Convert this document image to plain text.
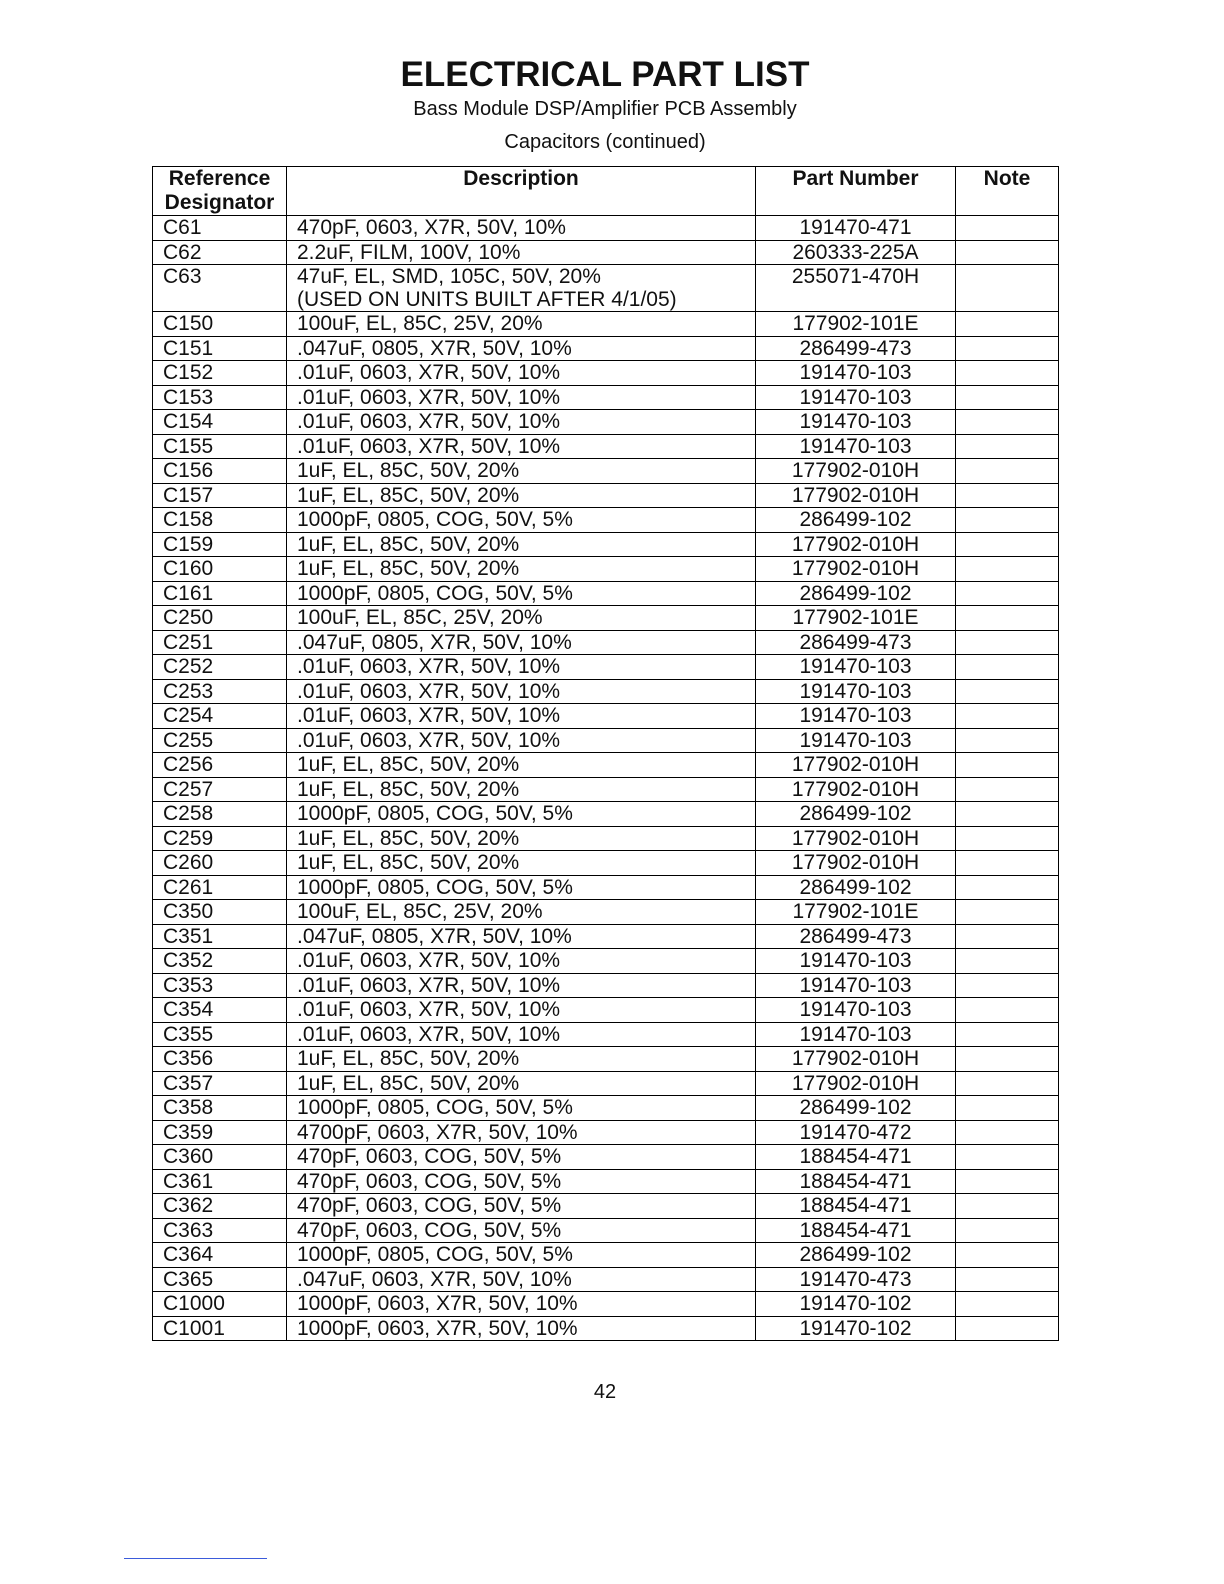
ELECTRICAL PART LIST

Bass Module DSP/Amplifier PCB Assembly

Capacitors (continued)

Reference
Designator	Description	Part Number	Note
C61	470pF, 0603, X7R, 50V, 10%	191470-471	
C62	2.2uF, FILM, 100V, 10%	260333-225A	
C63	47uF, EL, SMD, 105C, 50V, 20%
(USED ON UNITS BUILT AFTER 4/1/05)	255071-470H	
C150	100uF, EL, 85C, 25V, 20%	177902-101E	
C151	.047uF, 0805, X7R, 50V, 10%	286499-473	
C152	.01uF, 0603, X7R, 50V, 10%	191470-103	
C153	.01uF, 0603, X7R, 50V, 10%	191470-103	
C154	.01uF, 0603, X7R, 50V, 10%	191470-103	
C155	.01uF, 0603, X7R, 50V, 10%	191470-103	
C156	1uF, EL, 85C, 50V, 20%	177902-010H	
C157	1uF, EL, 85C, 50V, 20%	177902-010H	
C158	1000pF, 0805, COG, 50V, 5%	286499-102	
C159	1uF, EL, 85C, 50V, 20%	177902-010H	
C160	1uF, EL, 85C, 50V, 20%	177902-010H	
C161	1000pF, 0805, COG, 50V, 5%	286499-102	
C250	100uF, EL, 85C, 25V, 20%	177902-101E	
C251	.047uF, 0805, X7R, 50V, 10%	286499-473	
C252	.01uF, 0603, X7R, 50V, 10%	191470-103	
C253	.01uF, 0603, X7R, 50V, 10%	191470-103	
C254	.01uF, 0603, X7R, 50V, 10%	191470-103	
C255	.01uF, 0603, X7R, 50V, 10%	191470-103	
C256	1uF, EL, 85C, 50V, 20%	177902-010H	
C257	1uF, EL, 85C, 50V, 20%	177902-010H	
C258	1000pF, 0805, COG, 50V, 5%	286499-102	
C259	1uF, EL, 85C, 50V, 20%	177902-010H	
C260	1uF, EL, 85C, 50V, 20%	177902-010H	
C261	1000pF, 0805, COG, 50V, 5%	286499-102	
C350	100uF, EL, 85C, 25V, 20%	177902-101E	
C351	.047uF, 0805, X7R, 50V, 10%	286499-473	
C352	.01uF, 0603, X7R, 50V, 10%	191470-103	
C353	.01uF, 0603, X7R, 50V, 10%	191470-103	
C354	.01uF, 0603, X7R, 50V, 10%	191470-103	
C355	.01uF, 0603, X7R, 50V, 10%	191470-103	
C356	1uF, EL, 85C, 50V, 20%	177902-010H	
C357	1uF, EL, 85C, 50V, 20%	177902-010H	
C358	1000pF, 0805, COG, 50V, 5%	286499-102	
C359	4700pF, 0603, X7R, 50V, 10%	191470-472	
C360	470pF, 0603, COG, 50V, 5%	188454-471	
C361	470pF, 0603, COG, 50V, 5%	188454-471	
C362	470pF, 0603, COG, 50V, 5%	188454-471	
C363	470pF, 0603, COG, 50V, 5%	188454-471	
C364	1000pF, 0805, COG, 50V, 5%	286499-102	
C365	.047uF, 0603, X7R, 50V, 10%	191470-473	
C1000	1000pF, 0603, X7R, 50V, 10%	191470-102	
C1001	1000pF, 0603, X7R, 50V, 10%	191470-102	
42
